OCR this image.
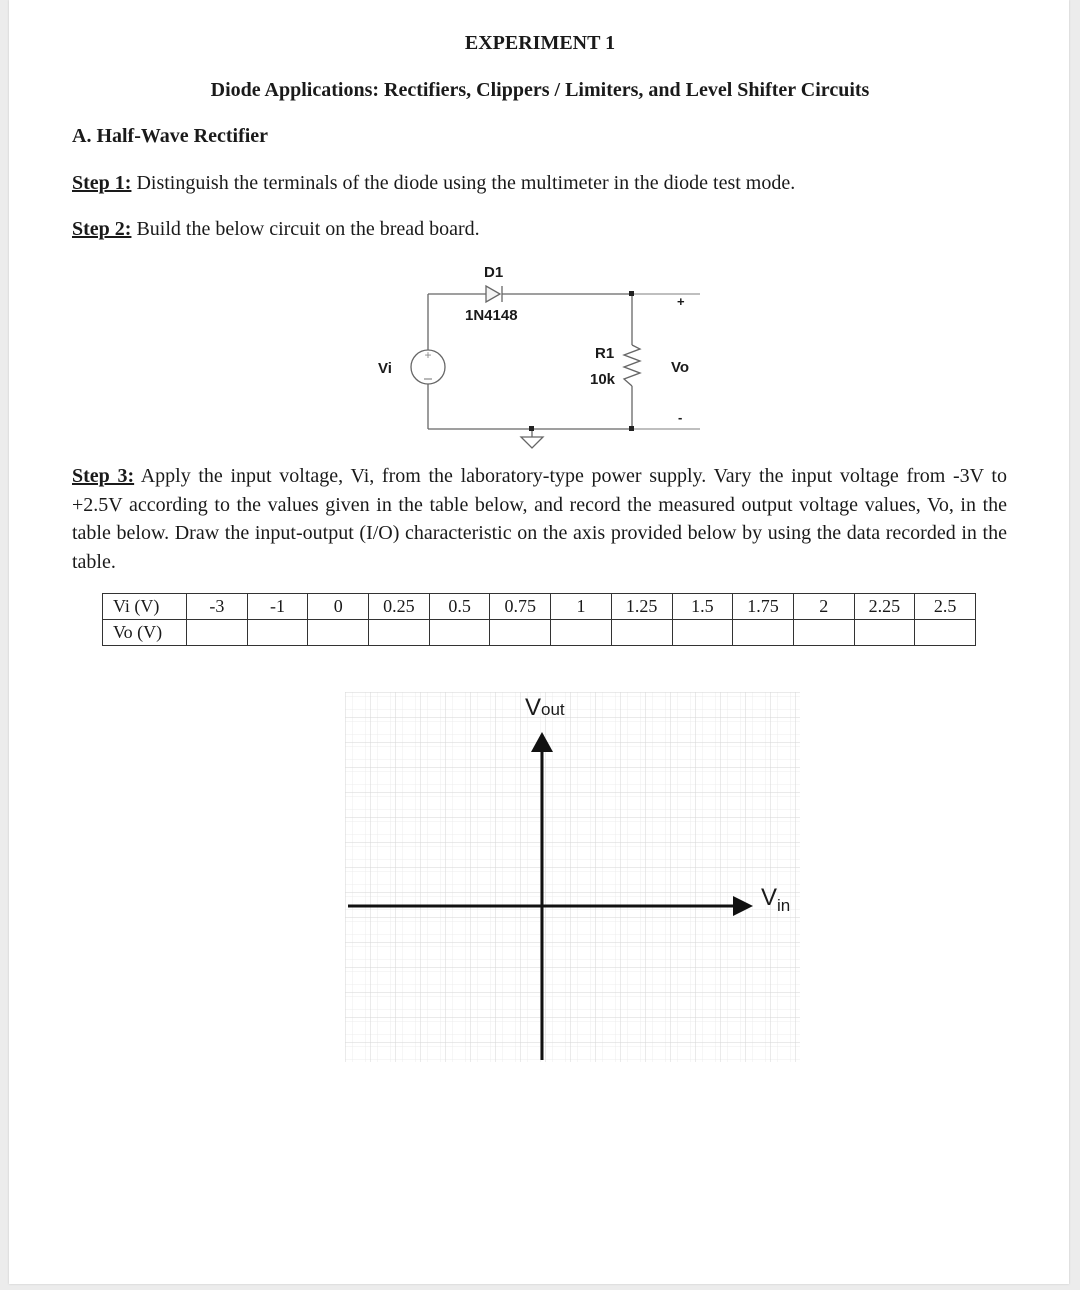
EXPERIMENT 1
Diode Applications: Rectifiers, Clippers / Limiters, and Level Shifter Circuits
A. Half-Wave Rectifier
Step 1: Distinguish the terminals of the diode using the multimeter in the diode test mode.
Step 2: Build the below circuit on the bread board.
+
D1
1N4148
Vi
R1
10k
Vo
+
-
Step 3: Apply the input voltage, Vi, from the laboratory-type power supply. Vary the input voltage from -3V to +2.5V according to the values given in the table below, and record the measured output voltage values, Vo, in the table below. Draw the input-output (I/O) characteristic on the axis provided below by using the data recorded in the table.
Vi (V)	-3	-1	0	0.25	0.5	0.75	1	1.25	1.5	1.75	2	2.25	2.5
Vo (V)													
Vout
$V_{in}$
